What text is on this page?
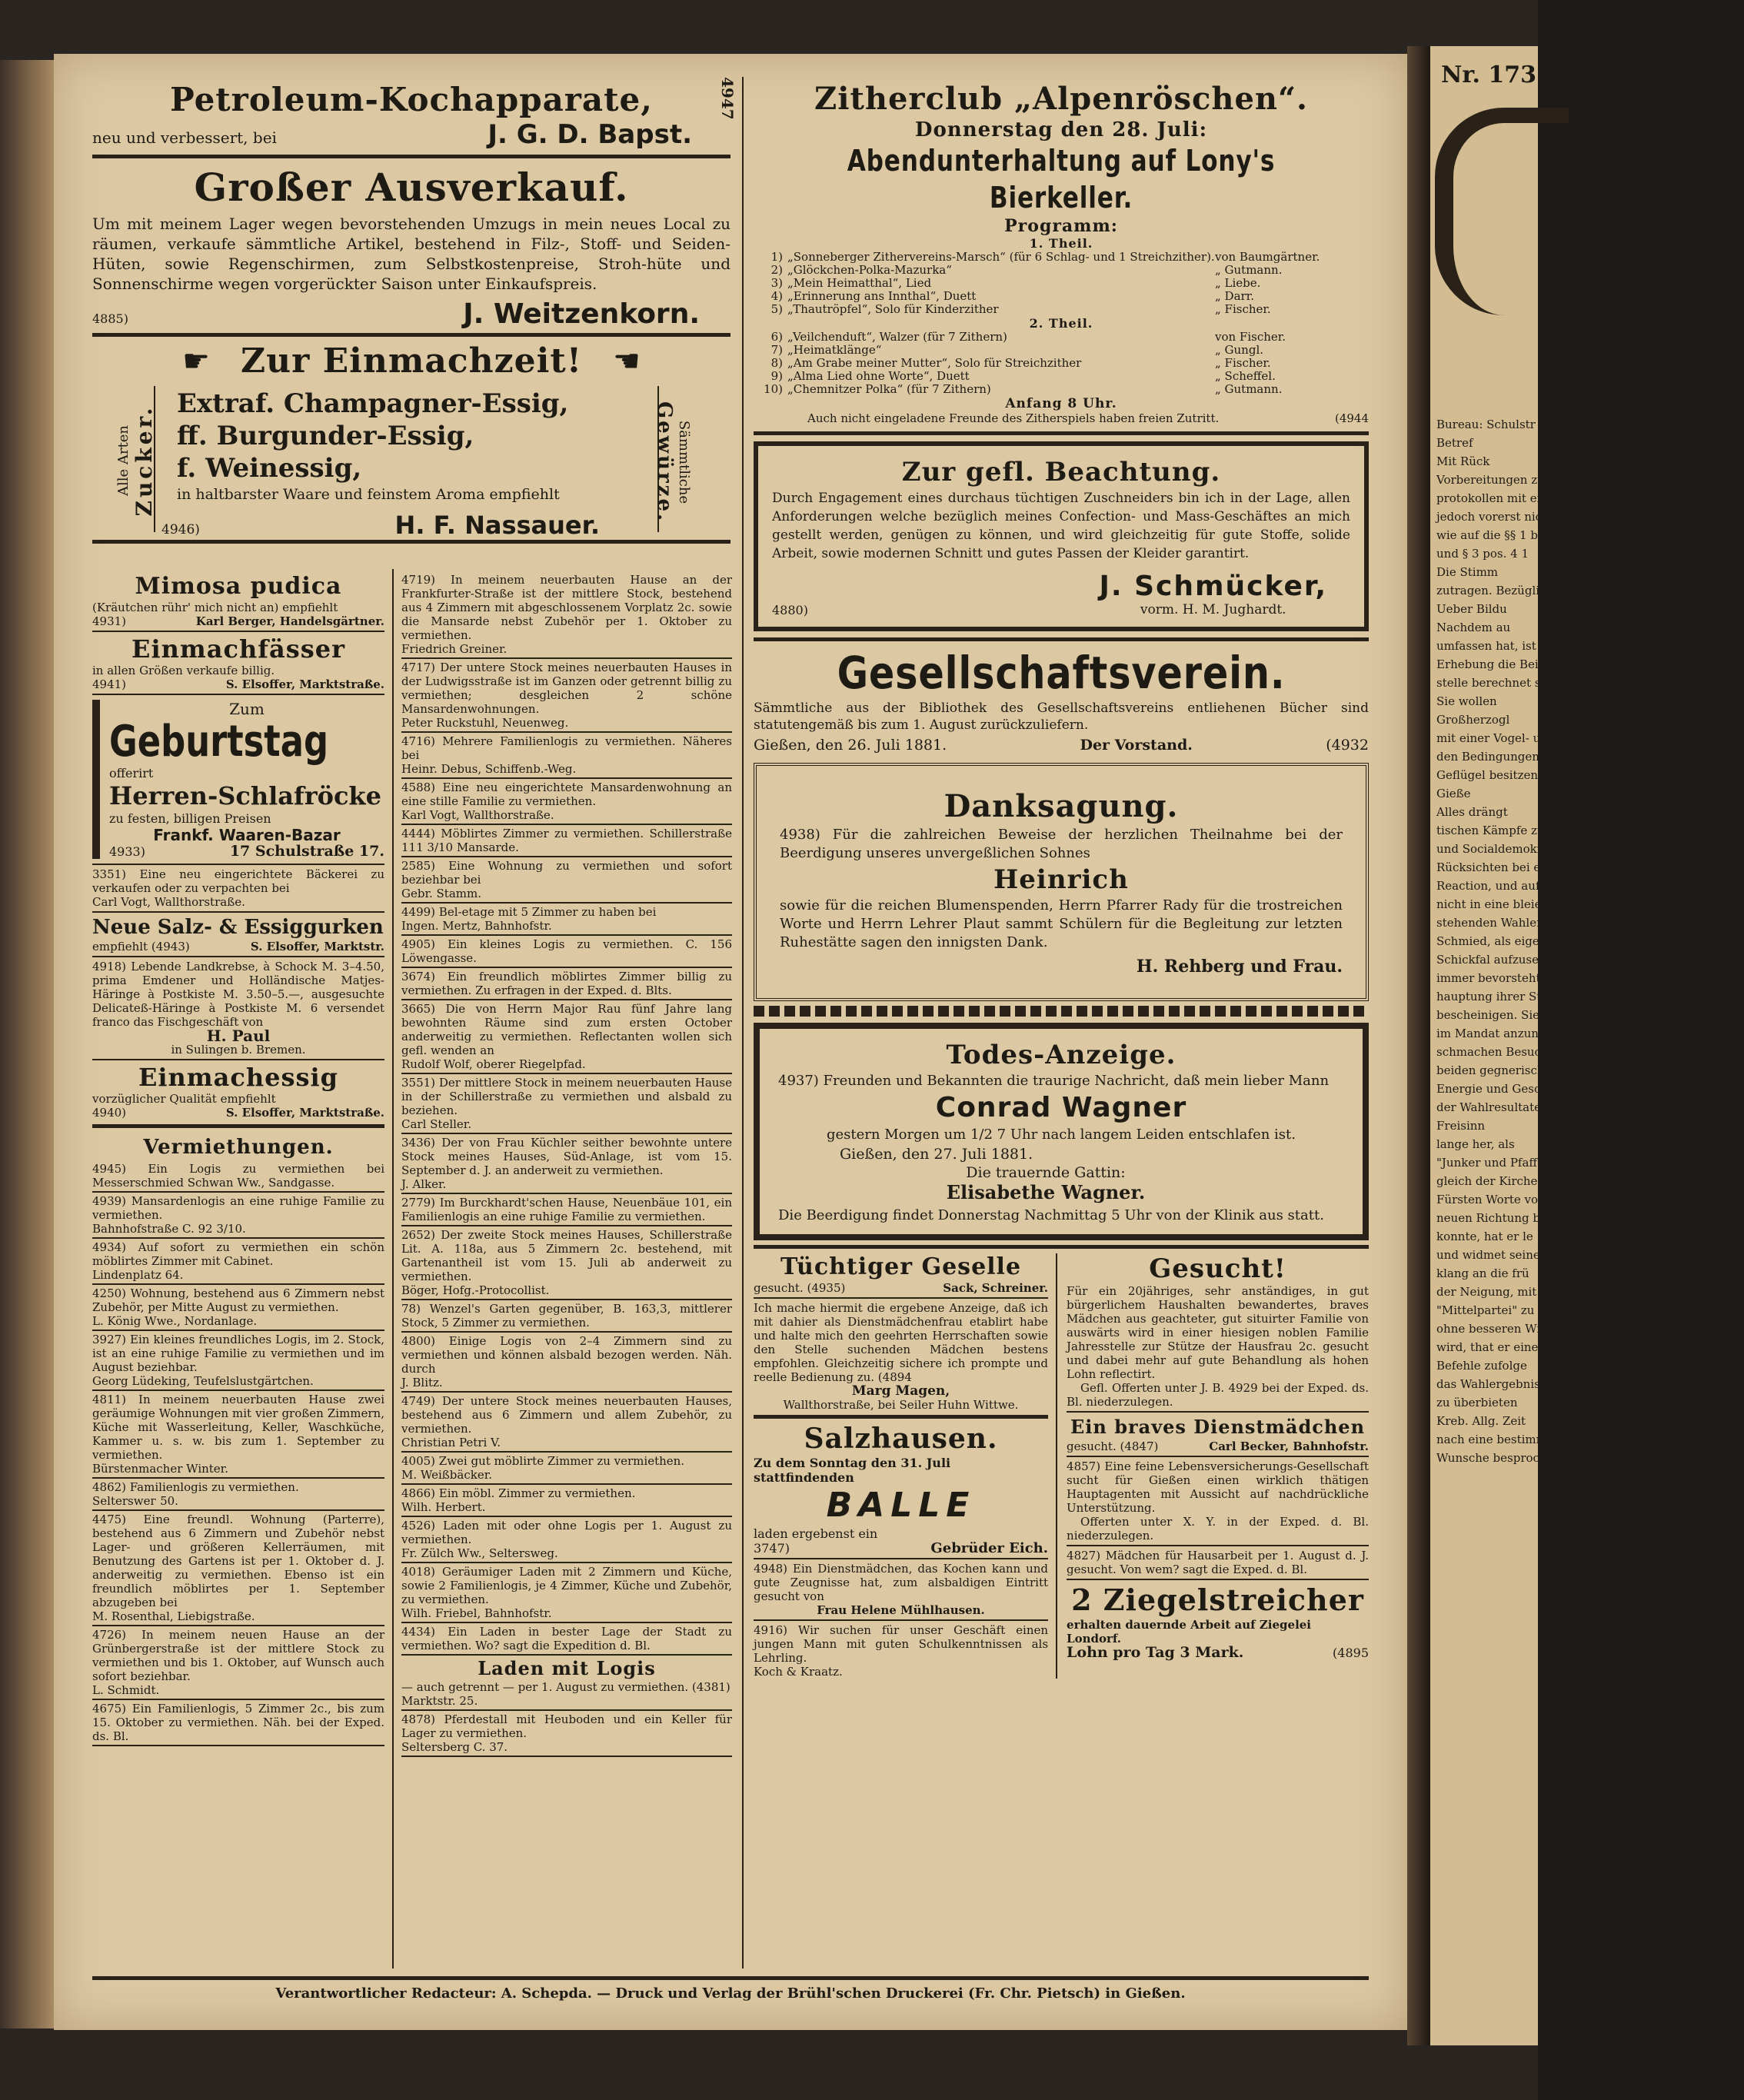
4947
Petroleum-Kochapparate,
neu und verbessert, bei	J. G. D. Bapst.
Großer Ausverkauf.
Um mit meinem Lager wegen bevorstehenden Umzugs in mein neues Local zu räumen, verkaufe sämmtliche Artikel, bestehend in Filz-, Stoff- und Seiden-Hüten, sowie Regenschirmen, zum Selbstkostenpreise, Stroh-hüte und Sonnenschirme wegen vorgerückter Saison unter Einkaufspreis.
4885)	J. Weitzenkorn.
☛ Zur Einmachzeit! ☛
Alle Arten Zucker.	Sämmtliche Gewürze.
Extraf. Champagner-Essig,
ff. Burgunder-Essig,
f. Weinessig,
in haltbarster Waare und feinstem Aroma empfiehlt
4946)	H. F. Nassauer.
Mimosa pudica
(Kräutchen rühr' mich nicht an) empfiehlt
4931)	Karl Berger, Handelsgärtner.
Einmachfässer
in allen Größen verkaufe billig.
4941)	S. Elsoffer, Marktstraße.
Zum
Geburtstag
offerirt
Herren-Schlafröcke
zu festen, billigen Preisen
Frankf. Waaren-Bazar
4933)	17 Schulstraße 17.
3351) Eine neu eingerichtete Bäckerei zu verkaufen oder zu verpachten bei
Carl Vogt, Wallthorstraße.
Neue Salz- & Essiggurken
empfiehlt (4943)	S. Elsoffer, Marktstr.
4918) Lebende Landkrebse, à Schock M. 3–4.50, prima Emdener und Holländische Matjes-Häringe à Postkiste M. 3.50–5.—, ausgesuchte Delicateß-Häringe à Postkiste M. 6 versendet franco das Fischgeschäft von
H. Paul
in Sulingen b. Bremen.
Einmachessig
vorzüglicher Qualität empfiehlt
4940)	S. Elsoffer, Marktstraße.
Vermiethungen.
4945) Ein Logis zu vermiethen bei Messerschmied Schwan Ww., Sandgasse.
4939) Mansardenlogis an eine ruhige Familie zu vermiethen.
Bahnhofstraße C. 92 3/10.
4934) Auf sofort zu vermiethen ein schön möblirtes Zimmer mit Cabinet.
Lindenplatz 64.
4250) Wohnung, bestehend aus 6 Zimmern nebst Zubehör, per Mitte August zu vermiethen.
L. König Wwe., Nordanlage.
3927) Ein kleines freundliches Logis, im 2. Stock, ist an eine ruhige Familie zu vermiethen und im August beziehbar.
Georg Lüdeking, Teufelslustgärtchen.
4811) In meinem neuerbauten Hause zwei geräumige Wohnungen mit vier großen Zimmern, Küche mit Wasserleitung, Keller, Waschküche, Kammer u. s. w. bis zum 1. September zu vermiethen.
Bürstenmacher Winter.
4862) Familienlogis zu vermiethen.
Selterswег 50.
4475) Eine freundl. Wohnung (Parterre), bestehend aus 6 Zimmern und Zubehör nebst Lager- und größeren Kellerräumen, mit Benutzung des Gartens ist per 1. Oktober d. J. anderweitig zu vermiethen. Ebenso ist ein freundlich möblirtes per 1. September abzugeben bei
M. Rosenthal, Liebigstraße.
4726) In meinem neuen Hause an der Grünbergerstraße ist der mittlere Stock zu vermiethen und bis 1. Oktober, auf Wunsch auch sofort beziehbar.
L. Schmidt.
4675) Ein Familienlogis, 5 Zimmer 2c., bis zum 15. Oktober zu vermiethen. Näh. bei der Exped. ds. Bl.
4719) In meinem neuerbauten Hause an der Frankfurter-Straße ist der mittlere Stock, bestehend aus 4 Zimmern mit abgeschlossenem Vorplatz 2c. sowie die Mansarde nebst Zubehör per 1. Oktober zu vermiethen.
Friedrich Greiner.
4717) Der untere Stock meines neuerbauten Hauses in der Ludwigsstraße ist im Ganzen oder getrennt billig zu vermiethen; desgleichen 2 schöne Mansardenwohnungen.
Peter Ruckstuhl, Neuenweg.
4716) Mehrere Familienlogis zu vermiethen. Näheres bei
Heinr. Debus, Schiffenb.-Weg.
4588) Eine neu eingerichtete Mansardenwohnung an eine stille Familie zu vermiethen.
Karl Vogt, Wallthorstraße.
4444) Möblirtes Zimmer zu vermiethen. Schillerstraße 111 3/10 Mansarde.
2585) Eine Wohnung zu vermiethen und sofort beziehbar bei
Gebr. Stamm.
4499) Bel-etage mit 5 Zimmer zu haben bei
Ingen. Mertz, Bahnhofstr.
4905) Ein kleines Logis zu vermiethen. C. 156 Löwengasse.
3674) Ein freundlich möblirtes Zimmer billig zu vermiethen. Zu erfragen in der Exped. d. Blts.
3665) Die von Herrn Major Rau fünf Jahre lang bewohnten Räume sind zum ersten October anderweitig zu vermiethen. Reflectanten wollen sich gefl. wenden an
Rudolf Wolf, oberer Riegelpfad.
3551) Der mittlere Stock in meinem neuerbauten Hause in der Schillerstraße zu vermiethen und alsbald zu beziehen.
Carl Steller.
3436) Der von Frau Küchler seither bewohnte untere Stock meines Hauses, Süd-Anlage, ist vom 15. September d. J. an anderweit zu vermiethen.
J. Alker.
2779) Im Burckhardt'schen Hause, Neuenbäue 101, ein Familienlogis an eine ruhige Familie zu vermiethen.
2652) Der zweite Stock meines Hauses, Schillerstraße Lit. A. 118a, aus 5 Zimmern 2c. bestehend, mit Gartenantheil ist vom 15. Juli ab anderweit zu vermiethen.
Böger, Hofg.-Protocollist.
78) Wenzel's Garten gegenüber, B. 163,3, mittlerer Stock, 5 Zimmer zu vermiethen.
4800) Einige Logis von 2–4 Zimmern sind zu vermiethen und können alsbald bezogen werden. Näh. durch
J. Blitz.
4749) Der untere Stock meines neuerbauten Hauses, bestehend aus 6 Zimmern und allem Zubehör, zu vermiethen.
Christian Petri V.
4005) Zwei gut möblirte Zimmer zu vermiethen.
M. Weißbäcker.
4866) Ein möbl. Zimmer zu vermiethen.
Wilh. Herbert.
4526) Laden mit oder ohne Logis per 1. August zu vermiethen.
Fr. Zülch Ww., Seltersweg.
4018) Geräumiger Laden mit 2 Zimmern und Küche, sowie 2 Familienlogis, je 4 Zimmer, Küche und Zubehör, zu vermiethen.
Wilh. Friebel, Bahnhofstr.
4434) Ein Laden in bester Lage der Stadt zu vermiethen. Wo? sagt die Expedition d. Bl.
Laden mit Logis
— auch getrennt — per 1. August zu vermiethen. (4381)
Marktstr. 25.
4878) Pferdestall mit Heuboden und ein Keller für Lager zu vermiethen.
Seltersberg C. 37.
Zitherclub „Alpenröschen“.
Donnerstag den 28. Juli:
Abendunterhaltung auf Lony's Bierkeller.
Programm:
1. Theil.
1) „Sonneberger Zithervereins-Marsch“ (für 6 Schlag- und 1 Streichzither). von Baumgärtner.
2) „Glöckchen-Polka-Mazurka“	„ Gutmann.
3) „Mein Heimatthal“, Lied	„ Liebe.
4) „Erinnerung ans Innthal“, Duett	„ Darr.
5) „Thautröpfel“, Solo für Kinderzither	„ Fischer.
2. Theil.
6) „Veilchenduft“, Walzer (für 7 Zithern)	von Fischer.
7) „Heimatklänge“	„ Gungl.
8) „Am Grabe meiner Mutter“, Solo für Streichzither	„ Fischer.
9) „Alma Lied ohne Worte“, Duett	„ Scheffel.
10) „Chemnitzer Polka“ (für 7 Zithern)	„ Gutmann.
Anfang 8 Uhr.
Auch nicht eingeladene Freunde des Zitherspiels haben freien Zutritt.	(4944
Zur gefl. Beachtung.
Durch Engagement eines durchaus tüchtigen Zuschneiders bin ich in der Lage, allen Anforderungen welche bezüglich meines Confection- und Mass-Geschäftes an mich gestellt werden, genügen zu können, und wird gleichzeitig für gute Stoffe, solide Arbeit, sowie modernen Schnitt und gutes Passen der Kleider garantirt.
4880)
J. Schmücker,
vorm. H. M. Jughardt.
Gesellschaftsverein.
Sämmtliche aus der Bibliothek des Gesellschaftsvereins entliehenen Bücher sind statutengemäß bis zum 1. August zurückzuliefern.
Gießen, den 26. Juli 1881.	Der Vorstand.	(4932
Danksagung.
4938) Für die zahlreichen Beweise der herzlichen Theilnahme bei der Beerdigung unseres unvergeßlichen Sohnes
Heinrich
sowie für die reichen Blumenspenden, Herrn Pfarrer Rady für die trostreichen Worte und Herrn Lehrer Plaut sammt Schülern für die Begleitung zur letzten Ruhestätte sagen den innigsten Dank.
H. Rehberg und Frau.
Todes-Anzeige.
4937) Freunden und Bekannten die traurige Nachricht, daß mein lieber Mann
Conrad Wagner
gestern Morgen um 1/2 7 Uhr nach langem Leiden entschlafen ist.
Gießen, den 27. Juli 1881.
Die trauernde Gattin:
Elisabethe Wagner.
Die Beerdigung findet Donnerstag Nachmittag 5 Uhr von der Klinik aus statt.
Tüchtiger Geselle
gesucht. (4935)	Sack, Schreiner.
Ich mache hiermit die ergebene Anzeige, daß ich mit dahier als Dienstmädchenfrau etablirt habe und halte mich den geehrten Herrschaften sowie den Stelle suchenden Mädchen bestens empfohlen. Gleichzeitig sichere ich prompte und reelle Bedienung zu. (4894
Marg Magen,
Wallthorstraße, bei Seiler Huhn Wittwe.
Salzhausen.
Zu dem Sonntag den 31. Juli stattfindenden
BALLE
laden ergebenst ein
3747)	Gebrüder Eich.
4948) Ein Dienstmädchen, das Kochen kann und gute Zeugnisse hat, zum alsbaldigen Eintritt gesucht von
Frau Helene Mühlhausen.
4916) Wir suchen für unser Geschäft einen jungen Mann mit guten Schulkenntnissen als Lehrling.
Koch & Kraatz.
Gesucht!
Für ein 20jähriges, sehr anständiges, in gut bürgerlichem Haushalten bewandertes, braves Mädchen aus geachteter, gut situirter Familie von auswärts wird in einer hiesigen noblen Familie Jahresstelle zur Stütze der Hausfrau 2c. gesucht und dabei mehr auf gute Behandlung als hohen Lohn reflectirt.
Gefl. Offerten unter J. B. 4929 bei der Exped. ds. Bl. niederzulegen.
Ein braves Dienstmädchen
gesucht. (4847)	Carl Becker, Bahnhofstr.
4857) Eine feine Lebensversicherungs-Gesellschaft sucht für Gießen einen wirklich thätigen Hauptagenten mit Aussicht auf nachdrückliche Unterstützung.
Offerten unter X. Y. in der Exped. d. Bl. niederzulegen.
4827) Mädchen für Hausarbeit per 1. August d. J. gesucht. Von wem? sagt die Exped. d. Bl.
2 Ziegelstreicher
erhalten dauernde Arbeit auf Ziegelei Londorf.
Lohn pro Tag 3 Mark.	(4895
Verantwortlicher Redacteur: A. Schepda. — Druck und Verlag der Brühl'schen Druckerei (Fr. Chr. Pietsch) in Gießen.
Nr. 173.
Bureau: Schulstr
Betref
Mit Rück
Vorbereitungen zu b
protokollen mit einig
jedoch vorerst nicht
wie auf die §§ 1 bi
und § 3 pos. 4 1
Die Stimm
zutragen. Bezüglich
Ueber Bildu
Nachdem au
umfassen hat, ist vo
Erhebung die Beiträ
stelle berechnet sich
Sie wollen
Großherzogl
mit einer Vogel- und
den Bedingungen erh
Geflügel besitzenden
Gieße
Alles drängt
tischen Kämpfe zu r
und Socialdemokrat
Rücksichten bei ein
Reaction, und auf
nicht in eine bleier
stehenden Wahlen in
Schmied, als eigentl
Schickfal aufzuser
immer bevorsteht.
hauptung ihrer St
bescheinigen. Sie
im Mandat anzunel
schmachen Besuch
beiden gegnerischen
Energie und Gesch
der Wahlresultate
Freisinn
lange her, als
"Junker und Pfaffe
gleich der Kirche
Fürsten Worte vo
neuen Richtung be
konnte, hat er le
und widmet seine
klang an die frü
der Neigung, mit
"Mittelpartei" zu
ohne besseren Wille
wird, that er eine
Befehle zufolge
das Wahlergebnis
zu überbieten
Kreb. Allg. Zeit
nach eine bestimmte
Wunsche besprochen
